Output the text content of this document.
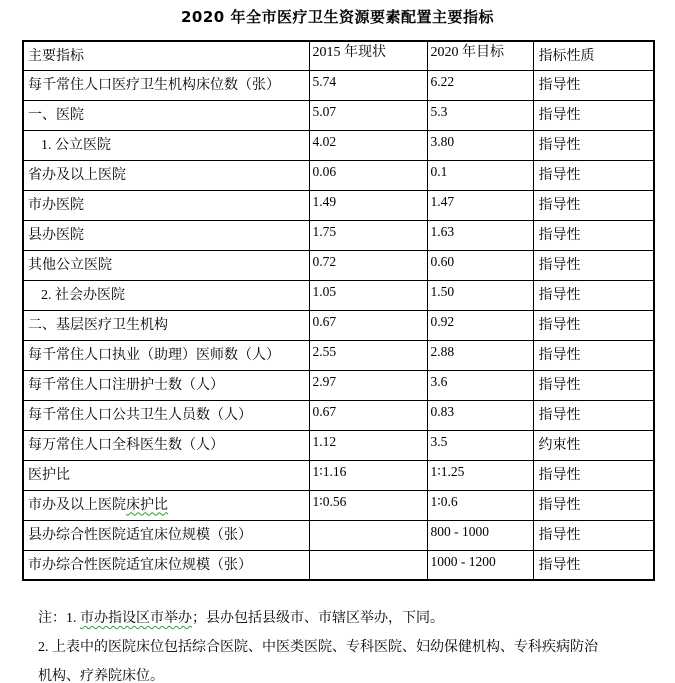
2020 年全市医疗卫生资源要素配置主要指标
主要指标	2015 年现状	2020 年目标	指标性质
每千常住人口医疗卫生机构床位数（张）	5.74	6.22	指导性
一、医院	5.07	5.3	指导性
1. 公立医院	4.02	3.80	指导性
省办及以上医院	0.06	0.1	指导性
市办医院	1.49	1.47	指导性
县办医院	1.75	1.63	指导性
其他公立医院	0.72	0.60	指导性
2. 社会办医院	1.05	1.50	指导性
二、基层医疗卫生机构	0.67	0.92	指导性
每千常住人口执业（助理）医师数（人）	2.55	2.88	指导性
每千常住人口注册护士数（人）	2.97	3.6	指导性
每千常住人口公共卫生人员数（人）	0.67	0.83	指导性
每万常住人口全科医生数（人）	1.12	3.5	约束性
医护比	1∶1.16	1∶1.25	指导性
市办及以上医院床护比	1∶0.56	1∶0.6	指导性
县办综合性医院适宜床位规模（张）		800 - 1000	指导性
市办综合性医院适宜床位规模（张）		1000 - 1200	指导性
注：1. 市办指设区市举办；县办包括县级市、市辖区举办，下同。
2. 上表中的医院床位包括综合医院、中医类医院、专科医院、妇幼保健机构、专科疾病防治
机构、疗养院床位。
